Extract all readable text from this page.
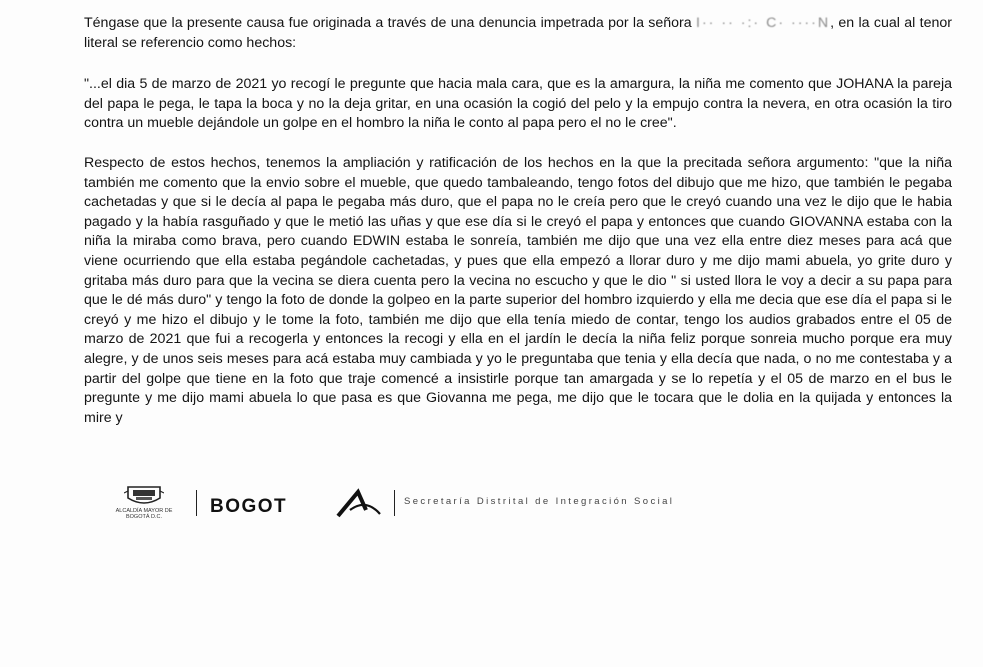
Téngase que la presente causa fue originada a través de una denuncia impetrada por la señora I·· ·· ·:· C· ····N, en la cual al tenor literal se referencio como hechos:

"...el dia 5 de marzo de 2021 yo recogí le pregunte que hacia mala cara, que es la amargura, la niña me comento que JOHANA la pareja del papa le pega, le tapa la boca y no la deja gritar, en una ocasión la cogió del pelo y la empujo contra la nevera, en otra ocasión la tiro contra un mueble dejándole un golpe en el hombro la niña le conto al papa pero el no le cree".

Respecto de estos hechos, tenemos la ampliación y ratificación de los hechos en la que la precitada señora argumento: "que la niña también me comento que la envio sobre el mueble, que quedo tambaleando, tengo fotos del dibujo que me hizo, que también le pegaba cachetadas y que si le decía al papa le pegaba más duro, que el papa no le creía pero que le creyó cuando una vez le dijo que le habia pagado y la había rasguñado y que le metió las uñas y que ese día si le creyó el papa y entonces que cuando GIOVANNA estaba con la niña la miraba como brava, pero cuando EDWIN estaba le sonreía, también me dijo que una vez ella entre diez meses para acá que viene ocurriendo que ella estaba pegándole cachetadas, y pues que ella empezó a llorar duro y me dijo mami abuela, yo grite duro y gritaba más duro para que la vecina se diera cuenta pero la vecina no escucho y que le dio " si usted llora le voy a decir a su papa para que le dé más duro" y tengo la foto de donde la golpeo en la parte superior del hombro izquierdo y ella me decia que ese día el papa si le creyó y me hizo el dibujo y le tome la foto, también me dijo que ella tenía miedo de contar, tengo los audios grabados entre el 05 de marzo de 2021 que fui a recogerla y entonces la recogi y ella en el jardín le decía la niña feliz porque sonreia mucho porque era muy alegre, y de unos seis meses para acá estaba muy cambiada y yo le preguntaba que tenia y ella decía que nada, o no me contestaba y a partir del golpe que tiene en la foto que traje comencé a insistirle porque tan amargada y se lo repetía y el 05 de marzo en el bus le pregunte y me dijo mami abuela lo que pasa es que Giovanna me pega, me dijo que le tocara que le dolia en la quijada y entonces la mire y

ALCALDÍA MAYOR DE BOGOTÁ D.C.	BOGOT	Secretaría Distrital de Integración Social
